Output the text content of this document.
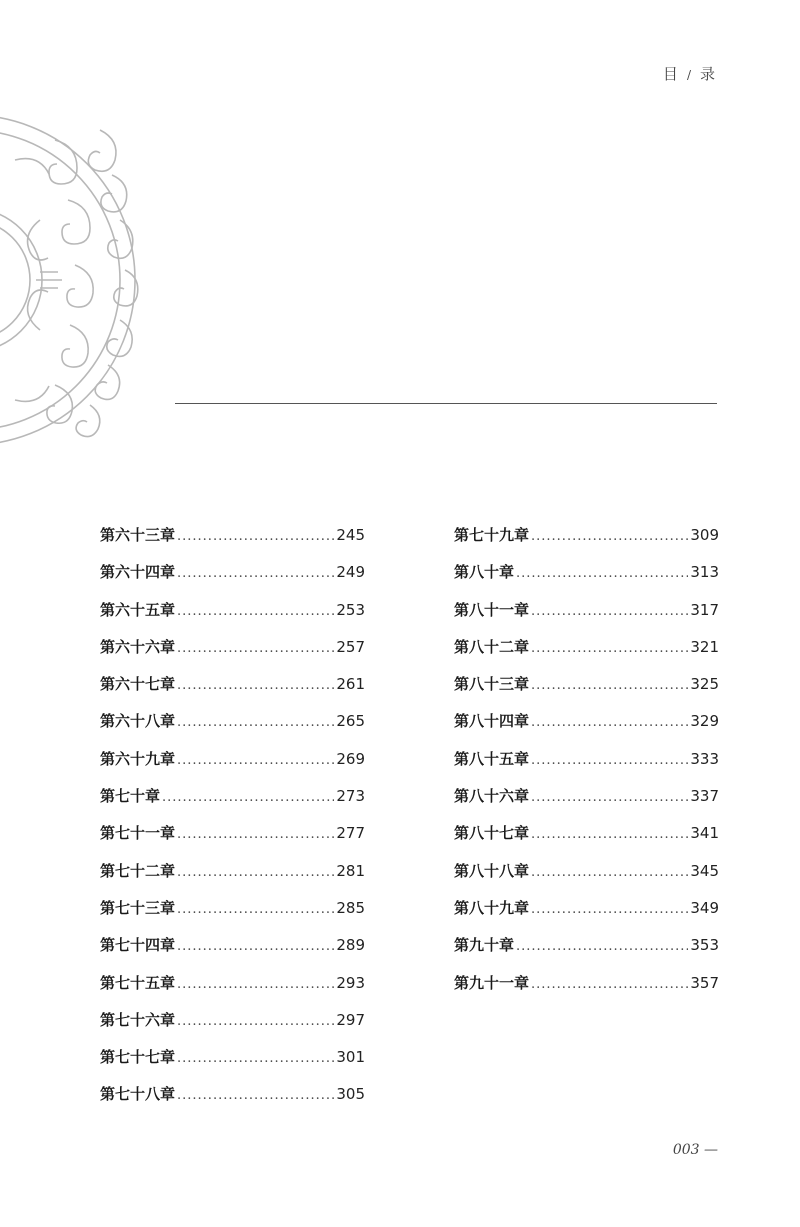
目 / 录
第六十三章 .....	245
第六十四章 .....	249
第六十五章 .....	253
第六十六章 .....	257
第六十七章 .....	261
第六十八章 .....	265
第六十九章 .....	269
第七十章 .....	273
第七十一章 .....	277
第七十二章 .....	281
第七十三章 .....	285
第七十四章 .....	289
第七十五章 .....	293
第七十六章 .....	297
第七十七章 .....	301
第七十八章 .....	305
第七十九章 .....	309
第八十章 .....	313
第八十一章 .....	317
第八十二章 .....	321
第八十三章 .....	325
第八十四章 .....	329
第八十五章 .....	333
第八十六章 .....	337
第八十七章 .....	341
第八十八章 .....	345
第八十九章 .....	349
第九十章 .....	353
第九十一章 .....	357
003 —
